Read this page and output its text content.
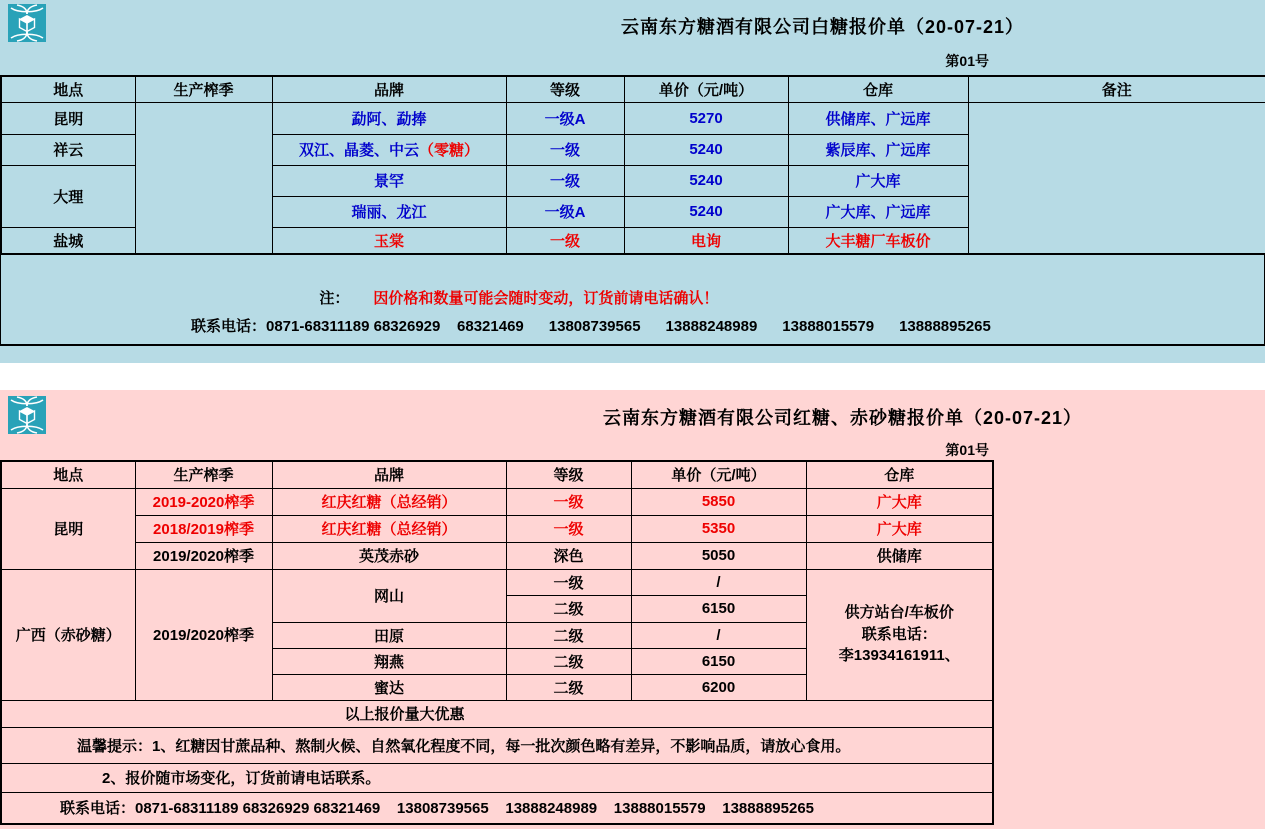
云南东方糖酒有限公司白糖报价单（20-07-21）
第01号
地点	生产榨季	品牌	等级	单价（元/吨）	仓库	备注
昆明		勐阿、勐捧	一级A	5270	供储库、广远库	
祥云		双江、晶菱、中云（零糖）	一级	5240	紫辰库、广远库	
大理		景罕	一级	5240	广大库	
		瑞丽、龙江	一级A	5240	广大库、广远库	
盐城		玉棠	一级	电询	大丰糖厂车板价	

注： 因价格和数量可能会随时变动，订货前请电话确认！

联系电话：0871-68311189 68326929    68321469      13808739565      13888248989      13888015579      13888895265
云南东方糖酒有限公司红糖、赤砂糖报价单（20-07-21）
第01号
地点	生产榨季	品牌	等级	单价（元/吨）	仓库
昆明	2019-2020榨季	红庆红糖（总经销）	一级	5850	广大库
	2018/2019榨季	红庆红糖（总经销）	一级	5350	广大库
	2019/2020榨季	英茂赤砂	深色	5050	供储库
广西（赤砂糖）	2019/2020榨季	网山	一级	/	供方站台/车板价
联系电话：
李13934161911、

			二级	6150	
		田原	二级	/	
		翔燕	二级	6150	
		蜜达	二级	6200	
以上报价量大优惠					
温馨提示：1、红糖因甘蔗品种、熬制火候、自然氧化程度不同，每一批次颜色略有差异，不影响品质，请放心食用。					
2、报价随市场变化，订货前请电话联系。					
联系电话：0871-68311189 68326929 68321469    13808739565    13888248989    13888015579    13888895265					
